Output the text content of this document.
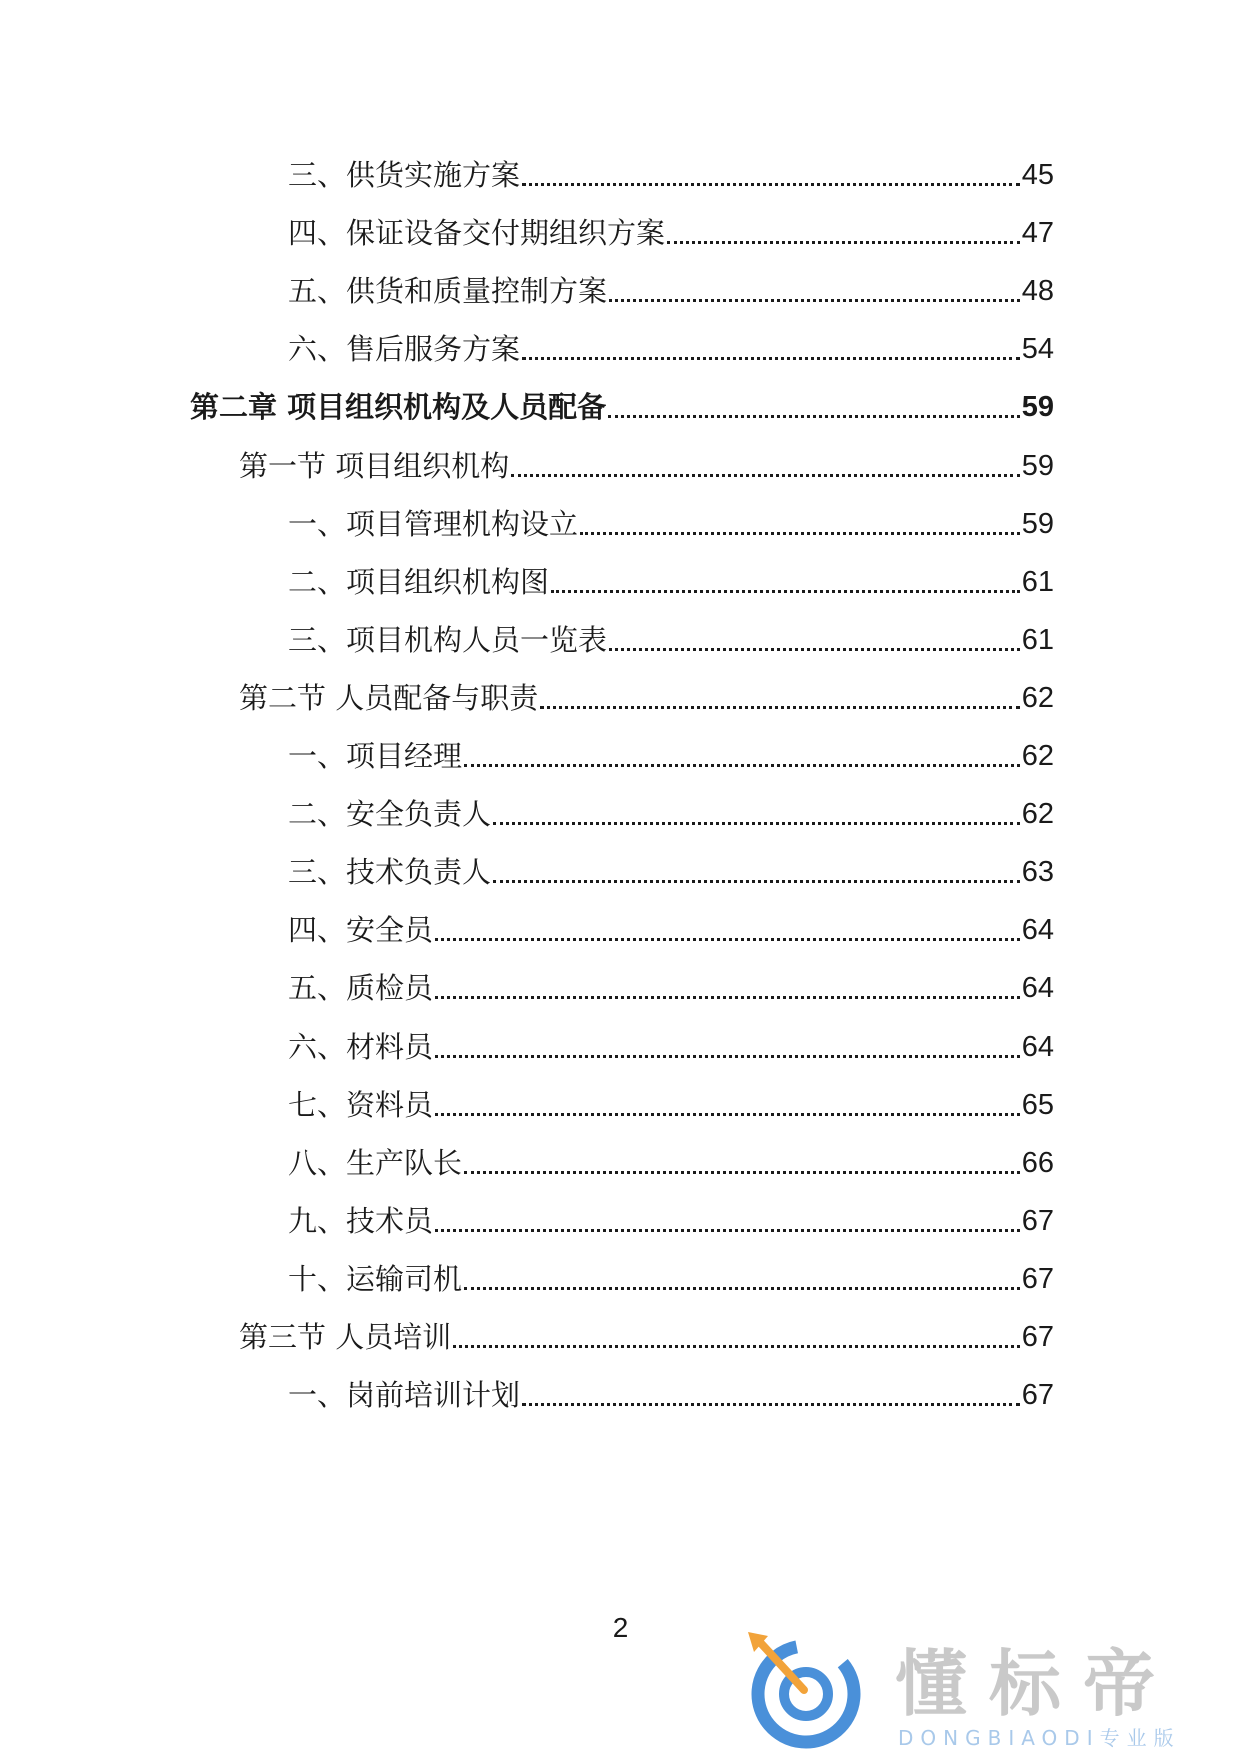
三、供货实施方案	45
四、保证设备交付期组织方案	47
五、供货和质量控制方案	48
六、售后服务方案	54
第二章 项目组织机构及人员配备	59
第一节 项目组织机构	59
一、项目管理机构设立	59
二、项目组织机构图	61
三、项目机构人员一览表	61
第二节 人员配备与职责	62
一、项目经理	62
二、安全负责人	62
三、技术负责人	63
四、安全员	64
五、质检员	64
六、材料员	64
七、资料员	65
八、生产队长	66
九、技术员	67
十、运输司机	67
第三节 人员培训	67
一、岗前培训计划	67
2
懂标帝
DONGBIAODI专业版
